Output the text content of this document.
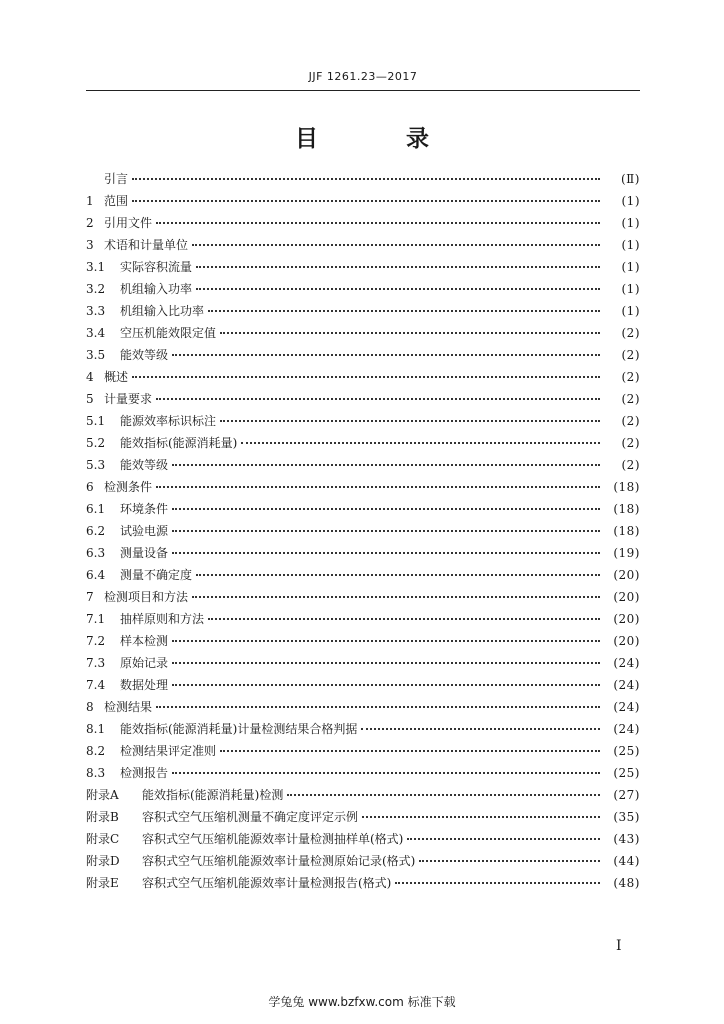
JJF 1261.23—2017
目 录
引言	(Ⅱ)
1 范围	(1)
2 引用文件	(1)
3 术语和计量单位	(1)
3.1	实际容积流量	(1)
3.2	机组输入功率	(1)
3.3	机组输入比功率	(1)
3.4	空压机能效限定值	(2)
3.5	能效等级	(2)
4 概述	(2)
5 计量要求	(2)
5.1	能源效率标识标注	(2)
5.2	能效指标(能源消耗量)	(2)
5.3	能效等级	(2)
6 检测条件	(18)
6.1	环境条件	(18)
6.2	试验电源	(18)
6.3	测量设备	(19)
6.4	测量不确定度	(20)
7 检测项目和方法	(20)
7.1	抽样原则和方法	(20)
7.2	样本检测	(20)
7.3	原始记录	(24)
7.4	数据处理	(24)
8 检测结果	(24)
8.1	能效指标(能源消耗量)计量检测结果合格判据	(24)
8.2	检测结果评定准则	(25)
8.3	检测报告	(25)
附录A	能效指标(能源消耗量)检测	(27)
附录B	容积式空气压缩机测量不确定度评定示例	(35)
附录C	容积式空气压缩机能源效率计量检测抽样单(格式)	(43)
附录D	容积式空气压缩机能源效率计量检测原始记录(格式)	(44)
附录E	容积式空气压缩机能源效率计量检测报告(格式)	(48)
I
学兔兔 www.bzfxw.com 标准下载
